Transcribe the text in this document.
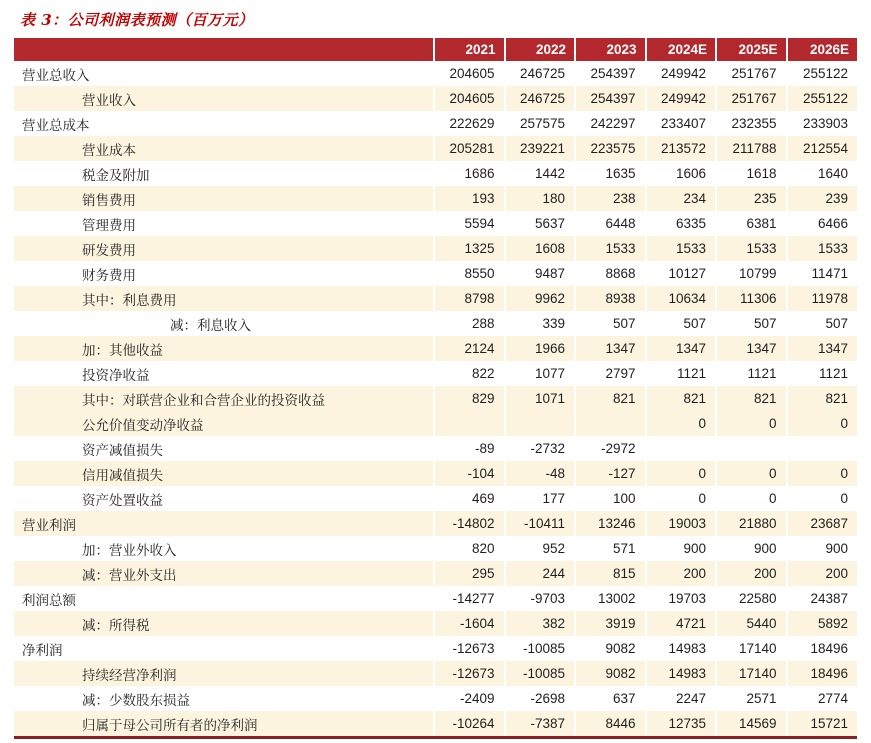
表 3：公司利润表预测（百万元）
	2021	2022	2023	2024E	2025E	2026E
营业总收入	204605	246725	254397	249942	251767	255122
营业收入	204605	246725	254397	249942	251767	255122
营业总成本	222629	257575	242297	233407	232355	233903
营业成本	205281	239221	223575	213572	211788	212554
税金及附加	1686	1442	1635	1606	1618	1640
销售费用	193	180	238	234	235	239
管理费用	5594	5637	6448	6335	6381	6466
研发费用	1325	1608	1533	1533	1533	1533
财务费用	8550	9487	8868	10127	10799	11471
其中：利息费用	8798	9962	8938	10634	11306	11978
减：利息收入	288	339	507	507	507	507
加：其他收益	2124	1966	1347	1347	1347	1347
投资净收益	822	1077	2797	1121	1121	1121
其中：对联营企业和合营企业的投资收益	829	1071	821	821	821	821
公允价值变动净收益				0	0	0
资产减值损失	-89	-2732	-2972			
信用减值损失	-104	-48	-127	0	0	0
资产处置收益	469	177	100	0	0	0
营业利润	-14802	-10411	13246	19003	21880	23687
加：营业外收入	820	952	571	900	900	900
减：营业外支出	295	244	815	200	200	200
利润总额	-14277	-9703	13002	19703	22580	24387
减：所得税	-1604	382	3919	4721	5440	5892
净利润	-12673	-10085	9082	14983	17140	18496
持续经营净利润	-12673	-10085	9082	14983	17140	18496
减：少数股东损益	-2409	-2698	637	2247	2571	2774
归属于母公司所有者的净利润	-10264	-7387	8446	12735	14569	15721
